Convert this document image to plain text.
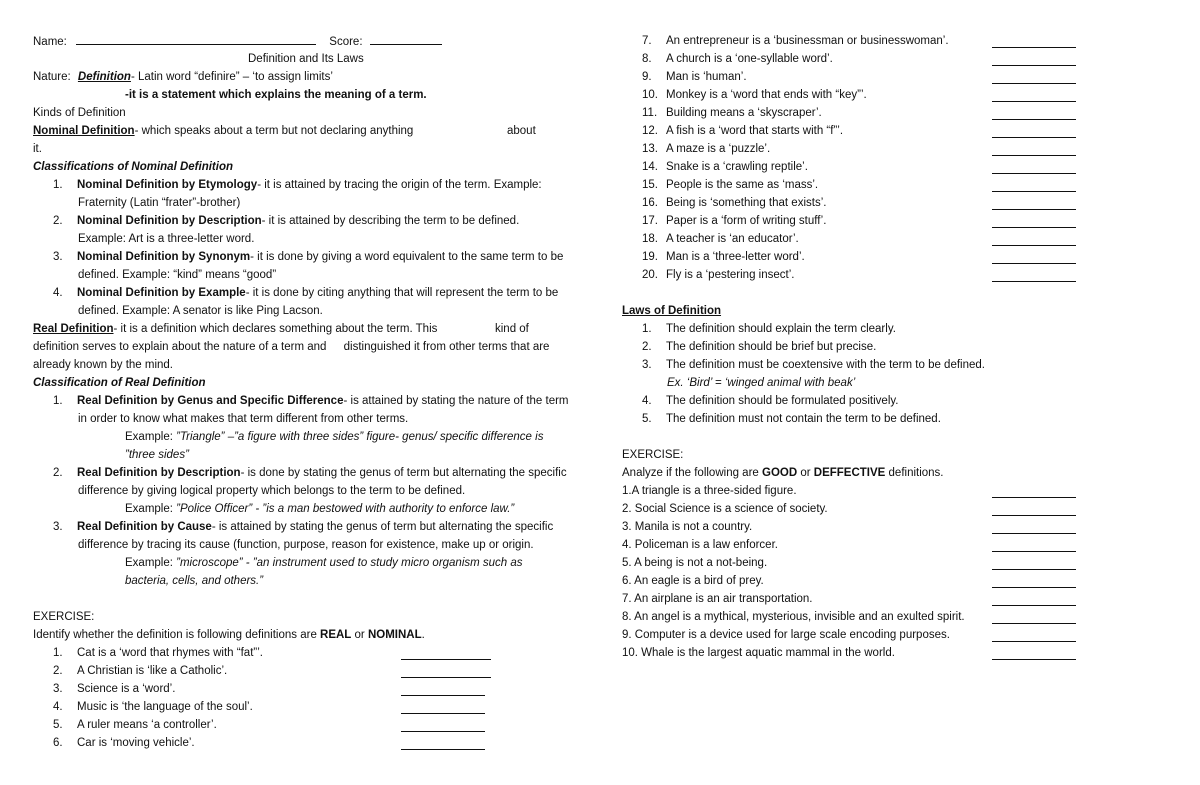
Name:	Score:
Definition and Its Laws
Nature: Definition- Latin word “definire” – ‘to assign limits’
-it is a statement which explains the meaning of a term.
Kinds of Definition
Nominal Definition- which speaks about a term but not declaring anything	about
it.
Classifications of Nominal Definition
1. Nominal Definition by Etymology- it is attained by tracing the origin of the term. Example:
Fraternity (Latin “frater”-brother)
2. Nominal Definition by Description- it is attained by describing the term to be defined.
Example: Art is a three-letter word.
3. Nominal Definition by Synonym- it is done by giving a word equivalent to the same term to be
defined. Example: “kind” means “good”
4. Nominal Definition by Example- it is done by citing anything that will represent the term to be
defined. Example: A senator is like Ping Lacson.
Real Definition- it is a definition which declares something about the term. This	kind of
definition serves to explain about the nature of a term and distinguished it from other terms that are
already known by the mind.
Classification of Real Definition
1. Real Definition by Genus and Specific Difference- is attained by stating the nature of the term
in order to know what makes that term different from other terms.
Example: ”Triangle” –”a figure with three sides” figure- genus/ specific difference is
”three sides”
2. Real Definition by Description- is done by stating the genus of term but alternating the specific
difference by giving logical property which belongs to the term to be defined.
Example: ”Police Officer” - ”is a man bestowed with authority to enforce law.”
3. Real Definition by Cause- is attained by stating the genus of term but alternating the specific
difference by tracing its cause (function, purpose, reason for existence, make up or origin.
Example: ”microscope” - ”an instrument used to study micro organism such as
bacteria, cells, and others.”
EXERCISE:
Identify whether the definition is following definitions are REAL or NOMINAL.
1. Cat is a ‘word that rhymes with “fat”’.
2. A Christian is ‘like a Catholic’.
3. Science is a ‘word’.
4. Music is ‘the language of the soul’.
5. A ruler means ‘a controller’.
6. Car is ‘moving vehicle’.
7. An entrepreneur is a ‘businessman or businesswoman’.
8. A church is a ‘one-syllable word’.
9. Man is ‘human’.
10. Monkey is a ‘word that ends with “key”’.
11. Building means a ‘skyscraper’.
12. A fish is a ‘word that starts with “f”’.
13. A maze is a ‘puzzle’.
14. Snake is a ‘crawling reptile’.
15. People is the same as ‘mass’.
16. Being is ‘something that exists’.
17. Paper is a ‘form of writing stuff’.
18. A teacher is ‘an educator’.
19. Man is a ‘three-letter word’.
20. Fly is a ‘pestering insect’.
Laws of Definition
1. The definition should explain the term clearly.
2. The definition should be brief but precise.
3. The definition must be coextensive with the term to be defined.
Ex. ‘Bird’ = ‘winged animal with beak’
4. The definition should be formulated positively.
5. The definition must not contain the term to be defined.
EXERCISE:
Analyze if the following are GOOD or DEFFECTIVE definitions.
1.A triangle is a three-sided figure.
2. Social Science is a science of society.
3. Manila is not a country.
4. Policeman is a law enforcer.
5. A being is not a not-being.
6. An eagle is a bird of prey.
7. An airplane is an air transportation.
8. An angel is a mythical, mysterious, invisible and an exulted spirit.
9. Computer is a device used for large scale encoding purposes.
10. Whale is the largest aquatic mammal in the world.
